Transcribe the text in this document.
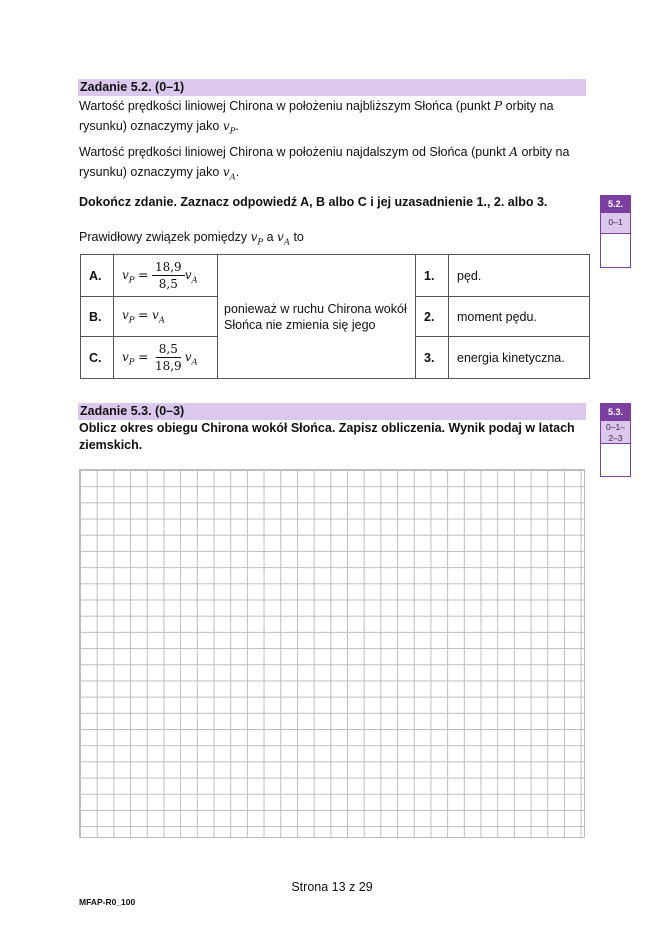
Zadanie 5.2. (0–1)
Wartość prędkości liniowej Chirona w położeniu najbliższym Słońca (punkt P orbity na
rysunku) oznaczymy jako $v_P$.
Wartość prędkości liniowej Chirona w położeniu najdalszym od Słońca (punkt A orbity na
rysunku) oznaczymy jako $v_A$.
Dokończ zdanie. Zaznacz odpowiedź A, B albo C i jej uzasadnienie 1., 2. albo 3.
Prawidłowy związek pomiędzy $v_P$ a $v_A$ to
A.	$v_P = \frac{18,9}{8,5} v_A$	ponieważ w ruchu Chirona wokół Słońca nie zmienia się jego	1.	pęd.
B.	$v_P = v_A$		2.	moment pędu.
C.	$v_P = \frac{8,5}{18,9} v_A$		3.	energia kinetyczna.
5.2.
0–1
Zadanie 5.3. (0–3)
Oblicz okres obiegu Chirona wokół Słońca. Zapisz obliczenia. Wynik podaj w latach ziemskich.
5.3.
0–1–
2–3
Strona 13 z 29
MFAP-R0_100
